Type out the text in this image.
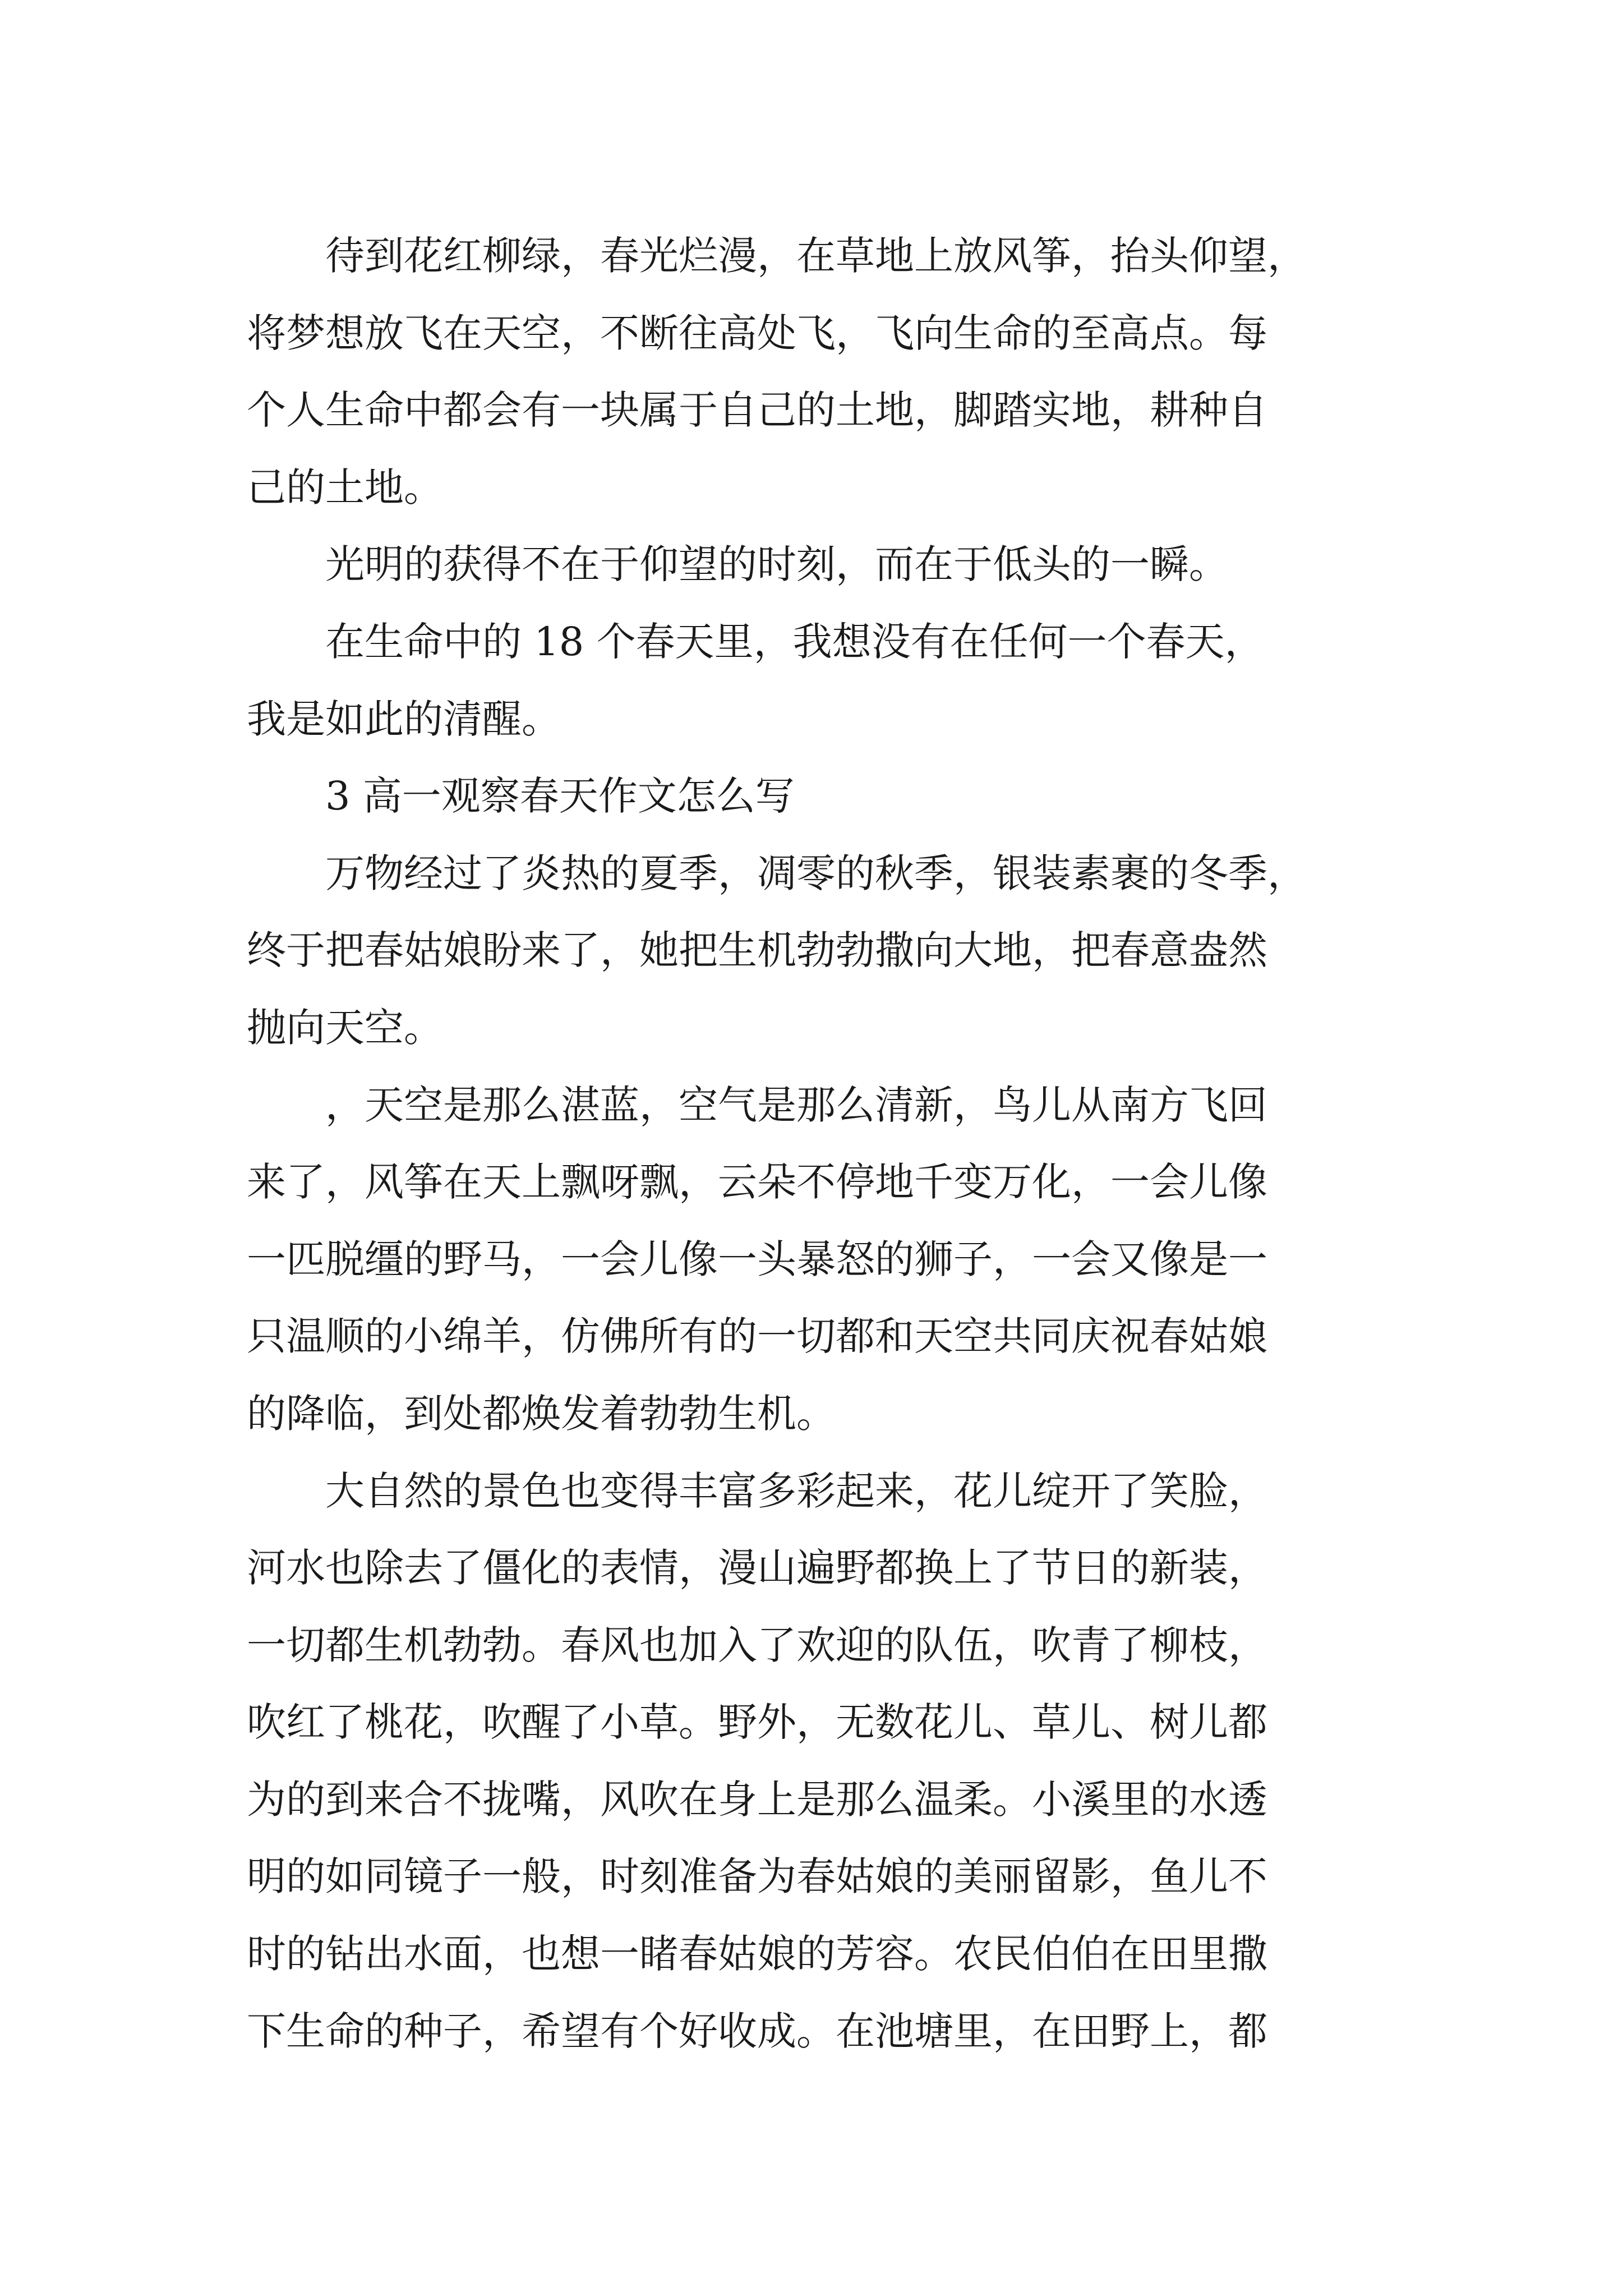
　　待到花红柳绿，春光烂漫，在草地上放风筝，抬头仰望，

将梦想放飞在天空，不断往高处飞，飞向生命的至高点。每

个人生命中都会有一块属于自己的土地，脚踏实地，耕种自

己的土地。

　　光明的获得不在于仰望的时刻，而在于低头的一瞬。

　　在生命中的 18 个春天里，我想没有在任何一个春天，

我是如此的清醒。

　　3 高一观察春天作文怎么写

　　万物经过了炎热的夏季，凋零的秋季，银装素裹的冬季，

终于把春姑娘盼来了，她把生机勃勃撒向大地，把春意盎然

抛向天空。

　　，天空是那么湛蓝，空气是那么清新，鸟儿从南方飞回

来了，风筝在天上飘呀飘，云朵不停地千变万化，一会儿像

一匹脱缰的野马，一会儿像一头暴怒的狮子，一会又像是一

只温顺的小绵羊，仿佛所有的一切都和天空共同庆祝春姑娘

的降临，到处都焕发着勃勃生机。

　　大自然的景色也变得丰富多彩起来，花儿绽开了笑脸，

河水也除去了僵化的表情，漫山遍野都换上了节日的新装，

一切都生机勃勃。春风也加入了欢迎的队伍，吹青了柳枝，

吹红了桃花，吹醒了小草。野外，无数花儿、草儿、树儿都

为的到来合不拢嘴，风吹在身上是那么温柔。小溪里的水透

明的如同镜子一般，时刻准备为春姑娘的美丽留影，鱼儿不

时的钻出水面，也想一睹春姑娘的芳容。农民伯伯在田里撒

下生命的种子，希望有个好收成。在池塘里，在田野上，都
